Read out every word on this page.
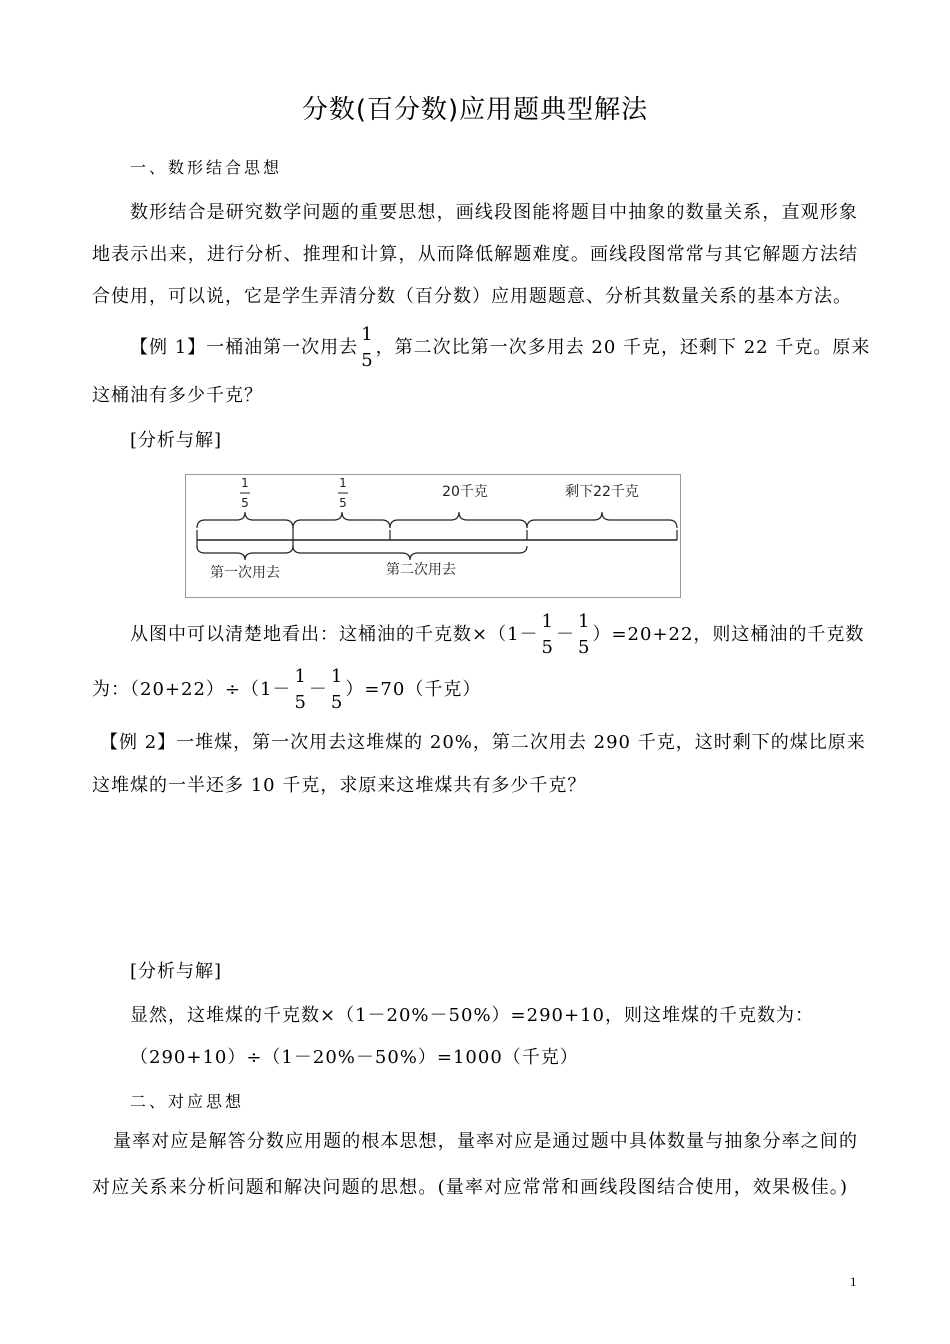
分数(百分数)应用题典型解法
一、数形结合思想
数形结合是研究数学问题的重要思想，画线段图能将题目中抽象的数量关系，直观形象
地表示出来，进行分析、推理和计算，从而降低解题难度。画线段图常常与其它解题方法结
合使用，可以说，它是学生弄清分数（百分数）应用题题意、分析其数量关系的基本方法。
【例 1】一桶油第一次用去
1
5
，第二次比第一次多用去 20 千克，还剩下 22 千克。原来
这桶油有多少千克？
[分析与解]
1
5
1
5
20千克	剩下22千克
第一次用去	第二次用去
从图中可以清楚地看出：这桶油的千克数×（1－
1
5
－
1
5
）=20+22，则这桶油的千克数
为：（20+22）÷（1－
1
5
－
1
5
）=70（千克）
【例 2】一堆煤，第一次用去这堆煤的 20%，第二次用去 290 千克，这时剩下的煤比原来
这堆煤的一半还多 10 千克，求原来这堆煤共有多少千克？
[分析与解]
显然，这堆煤的千克数×（1－20%－50%）=290+10，则这堆煤的千克数为：
（290+10）÷（1－20%－50%）=1000（千克）
二、对应思想
量率对应是解答分数应用题的根本思想，量率对应是通过题中具体数量与抽象分率之间的
对应关系来分析问题和解决问题的思想。(量率对应常常和画线段图结合使用，效果极佳。)
1
